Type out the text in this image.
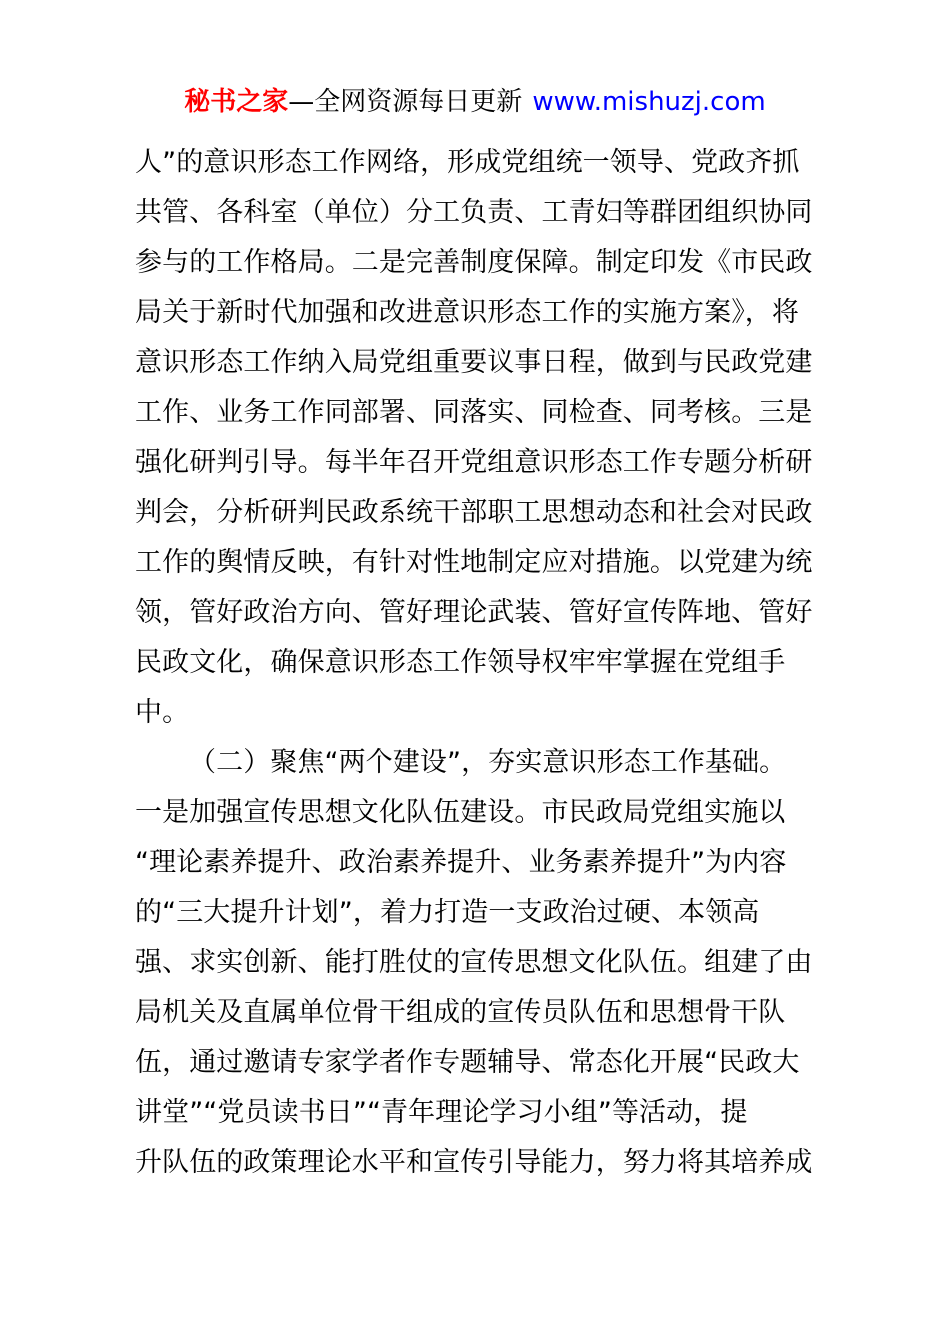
秘书之家—全网资源每日更新 www.mishuzj.com
人”的意识形态工作网络，形成党组统一领导、党政齐抓
共管、各科室（单位）分工负责、工青妇等群团组织协同
参与的工作格局。二是完善制度保障。制定印发《市民政
局关于新时代加强和改进意识形态工作的实施方案》，将
意识形态工作纳入局党组重要议事日程，做到与民政党建
工作、业务工作同部署、同落实、同检查、同考核。三是
强化研判引导。每半年召开党组意识形态工作专题分析研
判会，分析研判民政系统干部职工思想动态和社会对民政
工作的舆情反映，有针对性地制定应对措施。以党建为统
领，管好政治方向、管好理论武装、管好宣传阵地、管好
民政文化，确保意识形态工作领导权牢牢掌握在党组手
中。
（二）聚焦“两个建设”，夯实意识形态工作基础。
一是加强宣传思想文化队伍建设。市民政局党组实施以
“理论素养提升、政治素养提升、业务素养提升”为内容
的“三大提升计划”，着力打造一支政治过硬、本领高
强、求实创新、能打胜仗的宣传思想文化队伍。组建了由
局机关及直属单位骨干组成的宣传员队伍和思想骨干队
伍，通过邀请专家学者作专题辅导、常态化开展“民政大
讲堂”“党员读书日”“青年理论学习小组”等活动，提
升队伍的政策理论水平和宣传引导能力，努力将其培养成
